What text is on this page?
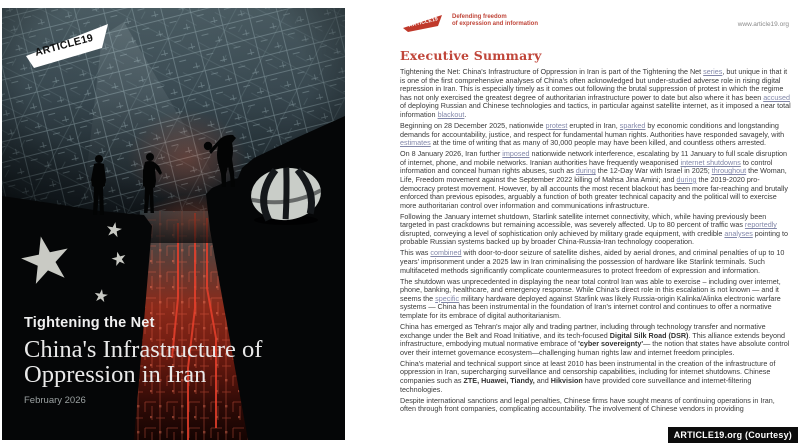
ARTICLE19
Tightening the Net
China's Infrastructure of Oppression in Iran
February 2026
ARTICLE19 Defending freedom
of expression and information	www.article19.org
Executive Summary

Tightening the Net: China's Infrastructure of Oppression in Iran is part of the Tightening the Net series, but unique in that it is one of the first comprehensive analyses of China's often acknowledged but under-studied adverse role in rising digital repression in Iran. This is especially timely as it comes out following the brutal suppression of protest in which the regime has not only exercised the greatest degree of authoritarian infrastructure power to date but also where it has been accused of deploying Russian and Chinese technologies and tactics, in particular against satellite internet, as it imposed a near total information blackout.

Beginning on 28 December 2025, nationwide protest erupted in Iran, sparked by economic conditions and longstanding demands for accountability, justice, and respect for fundamental human rights. Authorities have responded savagely, with estimates at the time of writing that as many of 30,000 people may have been killed, and countless others arrested.

On 8 January 2026, Iran further imposed nationwide network interference, escalating by 11 January to full scale disruption of internet, phone, and mobile networks. Iranian authorities have frequently weaponised internet shutdowns to control information and conceal human rights abuses, such as during the 12-Day War with Israel in 2025; throughout the Woman, Life, Freedom movement against the September 2022 killing of Mahsa Jina Amini; and during the 2019-2020 pro-democracy protest movement. However, by all accounts the most recent blackout has been more far-reaching and brutally enforced than previous episodes, arguably a function of both greater technical capacity and the political will to exercise more authoritarian control over information and communications infrastructure.

Following the January internet shutdown, Starlink satellite internet connectivity, which, while having previously been targeted in past crackdowns but remaining accessible, was severely affected. Up to 80 percent of traffic was reportedly disrupted, conveying a level of sophistication only achieved by military grade equipment, with credible analyses pointing to probable Russian systems backed up by broader China-Russia-Iran technology cooperation.

This was combined with door-to-door seizure of satellite dishes, aided by aerial drones, and criminal penalties of up to 10 years' imprisonment under a 2025 law in Iran criminalising the possession of hardware like Starlink terminals. Such multifaceted methods significantly complicate countermeasures to protect freedom of expression and information.

The shutdown was unprecedented in displaying the near total control Iran was able to exercise – including over internet, phone, banking, healthcare, and emergency response. While China's direct role in this escalation is not known — and it seems the specific military hardware deployed against Starlink was likely Russia-origin Kalinka/Alinka electronic warfare systems — China has been instrumental in the foundation of Iran's internet control and continues to offer a normative template for its embrace of digital authoritarianism.

China has emerged as Tehran's major ally and trading partner, including through technology transfer and normative exchange under the Belt and Road Initiative, and its tech-focused Digital Silk Road (DSR). This alliance extends beyond infrastructure, embodying mutual normative embrace of 'cyber sovereignty'— the notion that states have absolute control over their internet governance ecosystem—challenging human rights law and internet freedom principles.

China's material and technical support since at least 2010 has been instrumental in the creation of the infrastructure of oppression in Iran, supercharging surveillance and censorship capabilities, including for internet shutdowns. Chinese companies such as ZTE, Huawei, Tiandy, and Hikvision have provided core surveillance and internet-filtering technologies.

Despite international sanctions and legal penalties, Chinese firms have sought means of continuing operations in Iran, often through front companies, complicating accountability. The involvement of Chinese vendors in providing

ARTICLE19.org (Courtesy)
